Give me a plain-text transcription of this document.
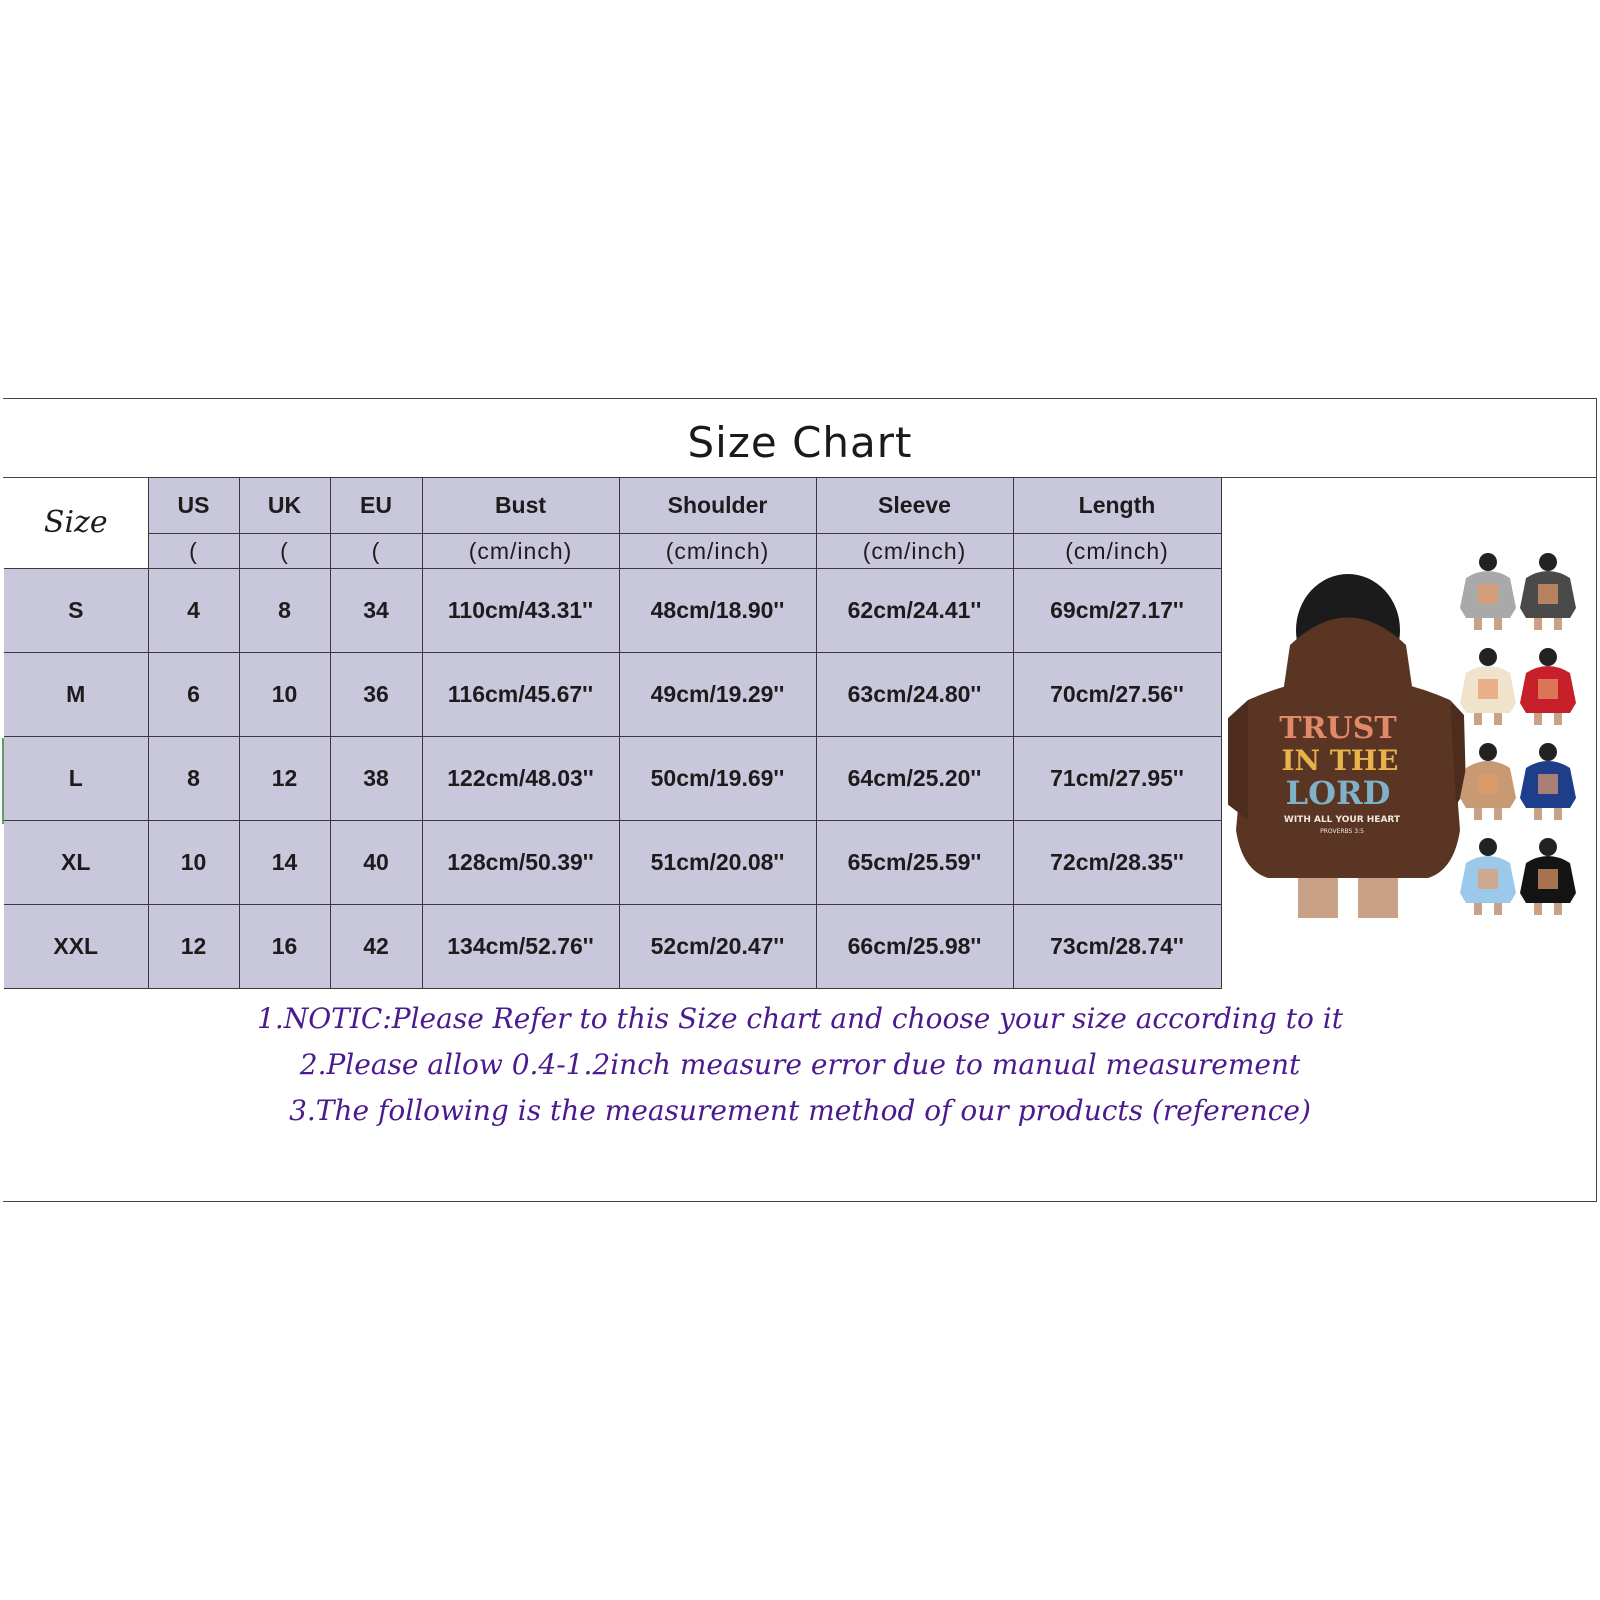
Size Chart
Size	US	UK	EU	Bust	Shoulder	Sleeve	Length
	(	(	(	(cm/inch)	(cm/inch)	(cm/inch)	(cm/inch)
S	4	8	34	110cm/43.31''	48cm/18.90''	62cm/24.41''	69cm/27.17''
M	6	10	36	116cm/45.67''	49cm/19.29''	63cm/24.80''	70cm/27.56''
L	8	12	38	122cm/48.03''	50cm/19.69''	64cm/25.20''	71cm/27.95''
XL	10	14	40	128cm/50.39''	51cm/20.08''	65cm/25.59''	72cm/28.35''
XXL	12	16	42	134cm/52.76''	52cm/20.47''	66cm/25.98''	73cm/28.74''
TRUST
IN THE
LORD
WITH ALL YOUR HEART
PROVERBS 3:5
1.NOTIC:Please Refer to this Size chart and choose your size according to it
2.Please allow 0.4-1.2inch measure error due to manual measurement
3.The following is the measurement method of our products (reference)
